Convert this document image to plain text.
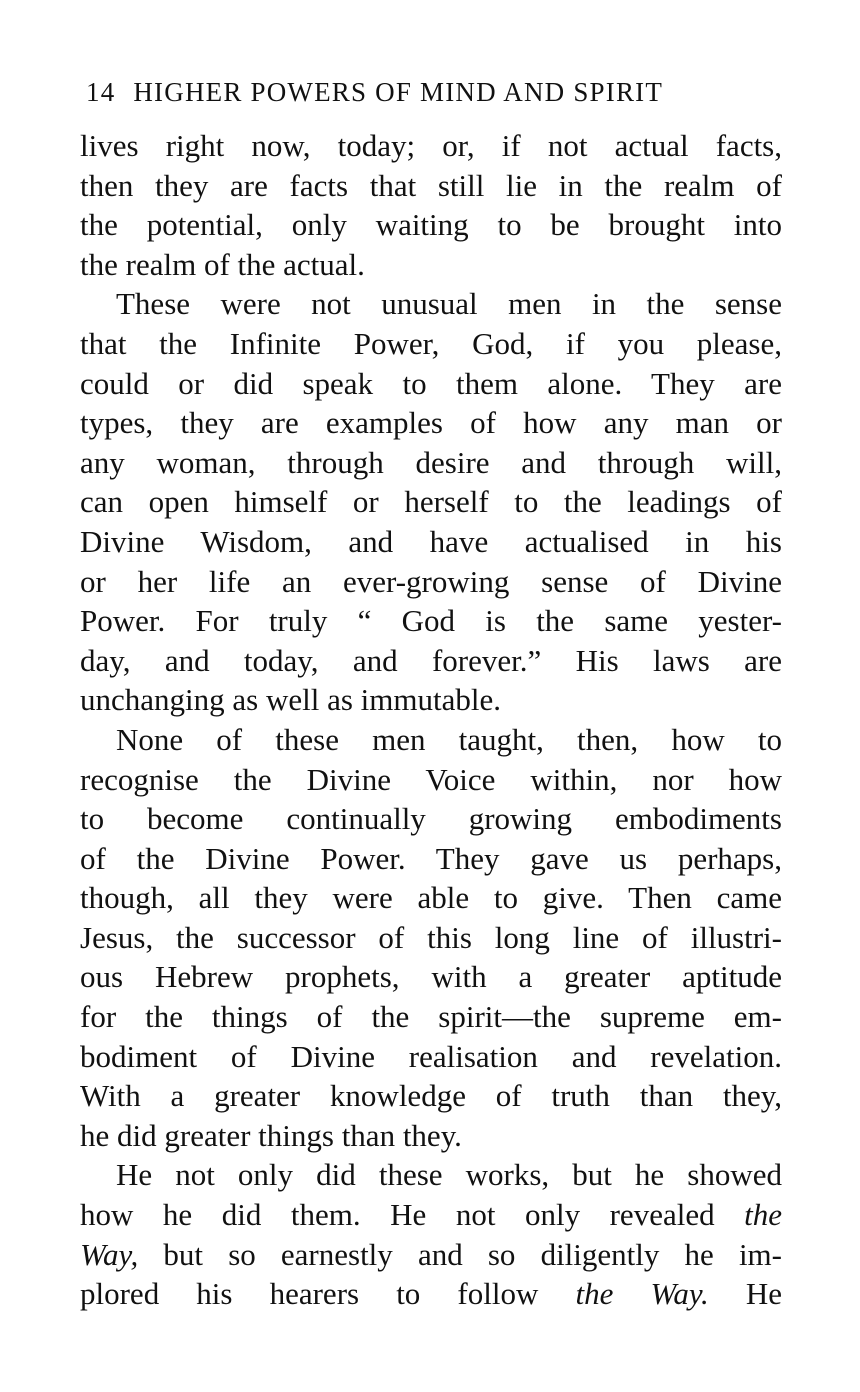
14 HIGHER POWERS OF MIND AND SPIRIT
lives right now, today; or, if not actual facts,
then they are facts that still lie in the realm of
the potential, only waiting to be brought into
the realm of the actual.
These were not unusual men in the sense
that the Infinite Power, God, if you please,
could or did speak to them alone. They are
types, they are examples of how any man or
any woman, through desire and through will,
can open himself or herself to the leadings of
Divine Wisdom, and have actualised in his
or her life an ever-growing sense of Divine
Power. For truly “ God is the same yester-
day, and today, and forever.” His laws are
unchanging as well as immutable.
None of these men taught, then, how to
recognise the Divine Voice within, nor how
to become continually growing embodiments
of the Divine Power. They gave us perhaps,
though, all they were able to give. Then came
Jesus, the successor of this long line of illustri-
ous Hebrew prophets, with a greater aptitude
for the things of the spirit—the supreme em-
bodiment of Divine realisation and revelation.
With a greater knowledge of truth than they,
he did greater things than they.
He not only did these works, but he showed
how he did them. He not only revealed the
Way, but so earnestly and so diligently he im-
plored his hearers to follow the Way. He
